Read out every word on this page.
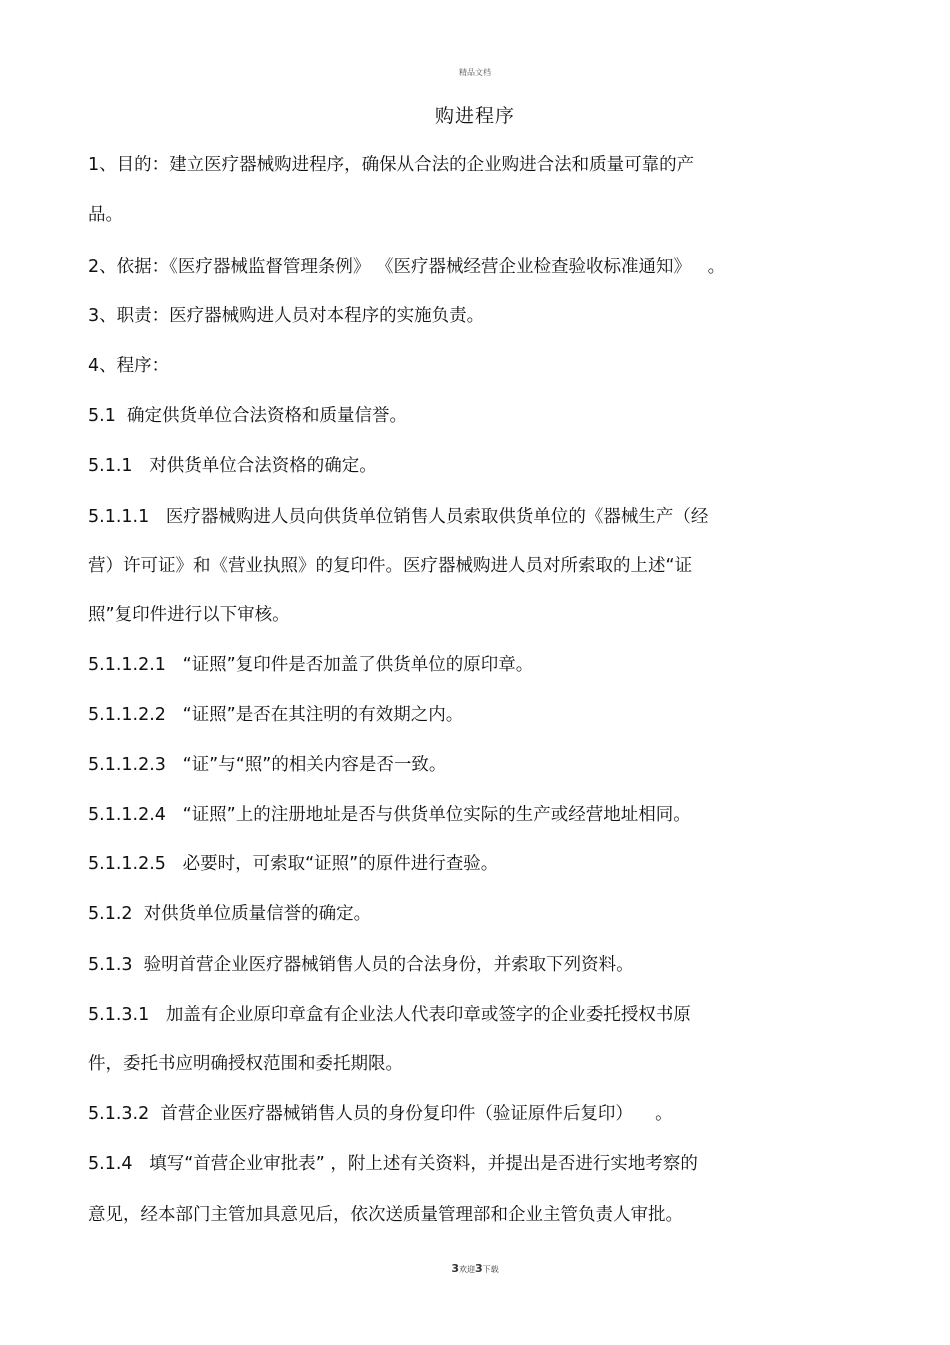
精品文档
购进程序
1、目的：建立医疗器械购进程序，确保从合法的企业购进合法和质量可靠的产
品。
2、依据：《医疗器械监督管理条例》 《医疗器械经营企业检查验收标准通知》   。
3、职责：医疗器械购进人员对本程序的实施负责。
4、程序：
5.1  确定供货单位合法资格和质量信誉。
5.1.1   对供货单位合法资格的确定。
5.1.1.1   医疗器械购进人员向供货单位销售人员索取供货单位的《器械生产（经
营）许可证》和《营业执照》的复印件。医疗器械购进人员对所索取的上述“证
照”复印件进行以下审核。
5.1.1.2.1   “证照”复印件是否加盖了供货单位的原印章。
5.1.1.2.2   “证照”是否在其注明的有效期之内。
5.1.1.2.3   “证”与“照”的相关内容是否一致。
5.1.1.2.4   “证照”上的注册地址是否与供货单位实际的生产或经营地址相同。
5.1.1.2.5   必要时，可索取“证照”的原件进行查验。
5.1.2  对供货单位质量信誉的确定。
5.1.3  验明首营企业医疗器械销售人员的合法身份，并索取下列资料。
5.1.3.1   加盖有企业原印章盒有企业法人代表印章或签字的企业委托授权书原
件，委托书应明确授权范围和委托期限。
5.1.3.2  首营企业医疗器械销售人员的身份复印件（验证原件后复印）    。
5.1.4   填写“首营企业审批表” ，附上述有关资料，并提出是否进行实地考察的
意见，经本部门主管加具意见后，依次送质量管理部和企业主管负责人审批。
3欢迎3下载
